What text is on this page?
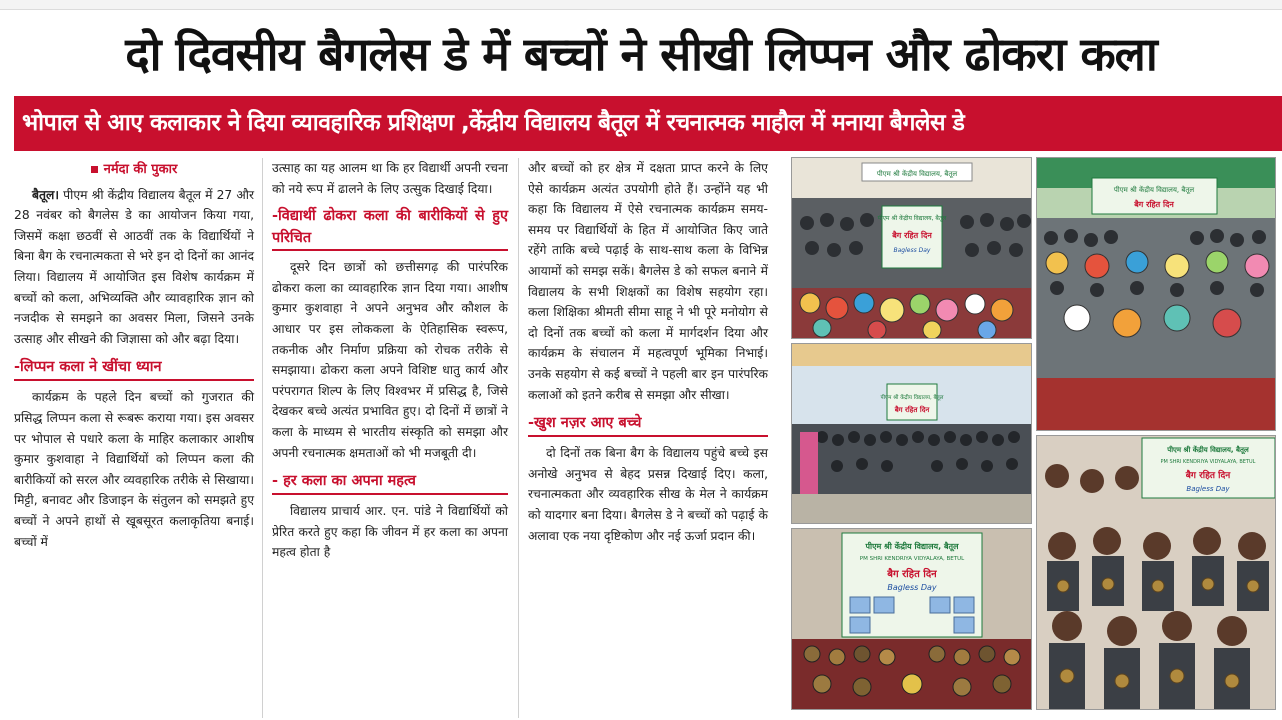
दो दिवसीय बैगलेस डे में बच्चों ने सीखी लिप्पन और ढोकरा कला
भोपाल से आए कलाकार ने दिया व्यावहारिक प्रशिक्षण ,केंद्रीय विद्यालय बैतूल में रचनात्मक माहौल में मनाया बैगलेस डे
नर्मदा की पुकार

बैतूल। पीएम श्री केंद्रीय विद्यालय बैतूल में 27 और 28 नवंबर को बैगलेस डे का आयोजन किया गया, जिसमें कक्षा छठवीं से आठवीं तक के विद्यार्थियों ने बिना बैग के रचनात्मकता से भरे इन दो दिनों का आनंद लिया। विद्यालय में आयोजित इस विशेष कार्यक्रम में बच्चों को कला, अभिव्यक्ति और व्यावहारिक ज्ञान को नजदीक से समझने का अवसर मिला, जिसने उनके उत्साह और सीखने की जिज्ञासा को और बढ़ा दिया।

-लिप्पन कला ने खींचा ध्यान

कार्यक्रम के पहले दिन बच्चों को गुजरात की प्रसिद्ध लिप्पन कला से रूबरू कराया गया। इस अवसर पर भोपाल से पधारे कला के माहिर कलाकार आशीष कुमार कुशवाहा ने विद्यार्थियों को लिप्पन कला की बारीकियों को सरल और व्यवहारिक तरीके से सिखाया। मिट्टी, बनावट और डिजाइन के संतुलन को समझते हुए बच्चों ने अपने हाथों से खूबसूरत कलाकृतिया बनाई। बच्चों में

उत्साह का यह आलम था कि हर विद्यार्थी अपनी रचना को नये रूप में ढालने के लिए उत्सुक दिखाई दिया।

-विद्यार्थी ढोकरा कला की बारीकियों से हुए परिचित

दूसरे दिन छात्रों को छत्तीसगढ़ की पारंपरिक ढोकरा कला का व्यावहारिक ज्ञान दिया गया। आशीष कुमार कुशवाहा ने अपने अनुभव और कौशल के आधार पर इस लोककला के ऐतिहासिक स्वरूप, तकनीक और निर्माण प्रक्रिया को रोचक तरीके से समझाया। ढोकरा कला अपने विशिष्ट धातु कार्य और परंपरागत शिल्प के लिए विश्वभर में प्रसिद्ध है, जिसे देखकर बच्चे अत्यंत प्रभावित हुए। दो दिनों में छात्रों ने कला के माध्यम से भारतीय संस्कृति को समझा और अपनी रचनात्मक क्षमताओं को भी मजबूती दी।

- हर कला का अपना महत्व

विद्यालय प्राचार्य आर. एन. पांडे ने विद्यार्थियों को प्रेरित करते हुए कहा कि जीवन में हर कला का अपना महत्व होता है

और बच्चों को हर क्षेत्र में दक्षता प्राप्त करने के लिए ऐसे कार्यक्रम अत्यंत उपयोगी होते हैं। उन्होंने यह भी कहा कि विद्यालय में ऐसे रचनात्मक कार्यक्रम समय-समय पर विद्यार्थियों के हित में आयोजित किए जाते रहेंगे ताकि बच्चे पढ़ाई के साथ-साथ कला के विभिन्न आयामों को समझ सकें। बैगलेस डे को सफल बनाने में विद्यालय के सभी शिक्षकों का विशेष सहयोग रहा। कला शिक्षिका श्रीमती सीमा साहू ने भी पूरे मनोयोग से दो दिनों तक बच्चों को कला में मार्गदर्शन दिया और कार्यक्रम के संचालन में महत्वपूर्ण भूमिका निभाई। उनके सहयोग से कई बच्चों ने पहली बार इन पारंपरिक कलाओं को इतने करीब से समझा और सीखा।

-खुश नज़र आए बच्चे

दो दिनों तक बिना बैग के विद्यालय पहुंचे बच्चे इस अनोखे अनुभव से बेहद प्रसन्न दिखाई दिए। कला, रचनात्मकता और व्यवहारिक सीख के मेल ने कार्यक्रम को यादगार बना दिया। बैगलेस डे ने बच्चों को पढ़ाई के अलावा एक नया दृष्टिकोण और नई ऊर्जा प्रदान की।

पीएम श्री केंद्रीय विद्यालय, बैतूल
पीएम श्री केंद्रीय विद्यालय, बैतूल
बैग रहित दिन
Bagless Day
पीएम श्री केंद्रीय विद्यालय, बैतूल
बैग रहित दिन
पीएम श्री केंद्रीय विद्यालय, बैतूल
बैग रहित दिन
पीएम श्री केंद्रीय विद्यालय, बैतूल
PM SHRI KENDRIYA VIDYALAYA, BETUL
बैग रहित दिन
Bagless Day
पीएम श्री केंद्रीय विद्यालय, बैतूल
PM SHRI KENDRIYA VIDYALAYA, BETUL
बैग रहित दिन
Bagless Day
